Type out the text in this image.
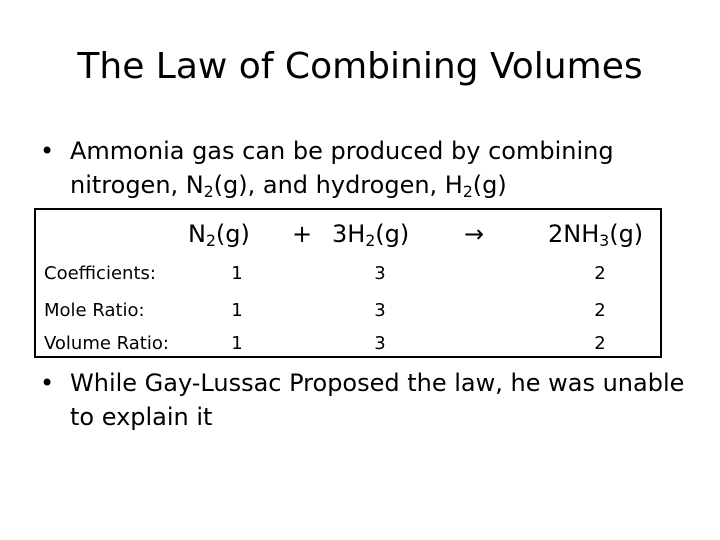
The Law of Combining Volumes
• Ammonia gas can be produced by combining nitrogen, $N_2(g)$, and hydrogen, $H_2(g)$
$N_2(g) + 3H_2(g)$ →	$2NH_3(g)$
Coefficients:	1	3	2
Mole Ratio:	1	3	2
Volume Ratio:	1	3	2
• While Gay-Lussac Proposed the law, he was unable to explain it
